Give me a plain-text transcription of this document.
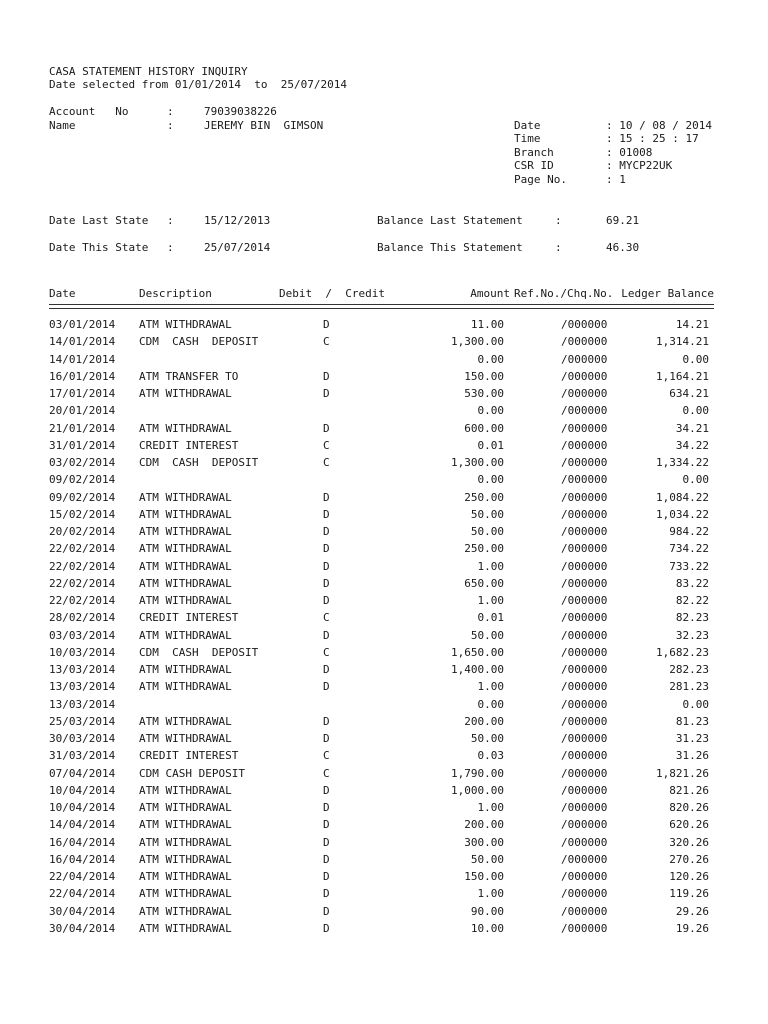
CASA STATEMENT HISTORY INQUIRY
Date selected from 01/01/2014  to  25/07/2014
Account   No	:	79039038226
Name	:	JEREMY BIN  GIMSON	Date	: 10 / 08 / 2014
Time	: 15 : 25 : 17
Branch	: 01008
CSR ID	: MYCP22UK
Page No.	: 1
Date Last State :	15/12/2013	Balance Last Statement	:	69.21
Date This State :	25/07/2014	Balance This Statement	:	46.30
Date	Description	Debit  /  Credit	Amount Ref.No./Chq.No. Ledger Balance
03/01/2014 ATM WITHDRAWAL	D	11.00	/000000	14.21
14/01/2014 CDM  CASH  DEPOSIT	C	1,300.00	/000000	1,314.21
14/01/2014	0.00	/000000	0.00
16/01/2014 ATM TRANSFER TO	D	150.00	/000000	1,164.21
17/01/2014 ATM WITHDRAWAL	D	530.00	/000000	634.21
20/01/2014	0.00	/000000	0.00
21/01/2014 ATM WITHDRAWAL	D	600.00	/000000	34.21
31/01/2014 CREDIT INTEREST	C	0.01	/000000	34.22
03/02/2014 CDM  CASH  DEPOSIT	C	1,300.00	/000000	1,334.22
09/02/2014	0.00	/000000	0.00
09/02/2014 ATM WITHDRAWAL	D	250.00	/000000	1,084.22
15/02/2014 ATM WITHDRAWAL	D	50.00	/000000	1,034.22
20/02/2014 ATM WITHDRAWAL	D	50.00	/000000	984.22
22/02/2014 ATM WITHDRAWAL	D	250.00	/000000	734.22
22/02/2014 ATM WITHDRAWAL	D	1.00	/000000	733.22
22/02/2014 ATM WITHDRAWAL	D	650.00	/000000	83.22
22/02/2014 ATM WITHDRAWAL	D	1.00	/000000	82.22
28/02/2014 CREDIT INTEREST	C	0.01	/000000	82.23
03/03/2014 ATM WITHDRAWAL	D	50.00	/000000	32.23
10/03/2014 CDM  CASH  DEPOSIT	C	1,650.00	/000000	1,682.23
13/03/2014 ATM WITHDRAWAL	D	1,400.00	/000000	282.23
13/03/2014 ATM WITHDRAWAL	D	1.00	/000000	281.23
13/03/2014	0.00	/000000	0.00
25/03/2014 ATM WITHDRAWAL	D	200.00	/000000	81.23
30/03/2014 ATM WITHDRAWAL	D	50.00	/000000	31.23
31/03/2014 CREDIT INTEREST	C	0.03	/000000	31.26
07/04/2014 CDM CASH DEPOSIT	C	1,790.00	/000000	1,821.26
10/04/2014 ATM WITHDRAWAL	D	1,000.00	/000000	821.26
10/04/2014 ATM WITHDRAWAL	D	1.00	/000000	820.26
14/04/2014 ATM WITHDRAWAL	D	200.00	/000000	620.26
16/04/2014 ATM WITHDRAWAL	D	300.00	/000000	320.26
16/04/2014 ATM WITHDRAWAL	D	50.00	/000000	270.26
22/04/2014 ATM WITHDRAWAL	D	150.00	/000000	120.26
22/04/2014 ATM WITHDRAWAL	D	1.00	/000000	119.26
30/04/2014 ATM WITHDRAWAL	D	90.00	/000000	29.26
30/04/2014 ATM WITHDRAWAL	D	10.00	/000000	19.26
